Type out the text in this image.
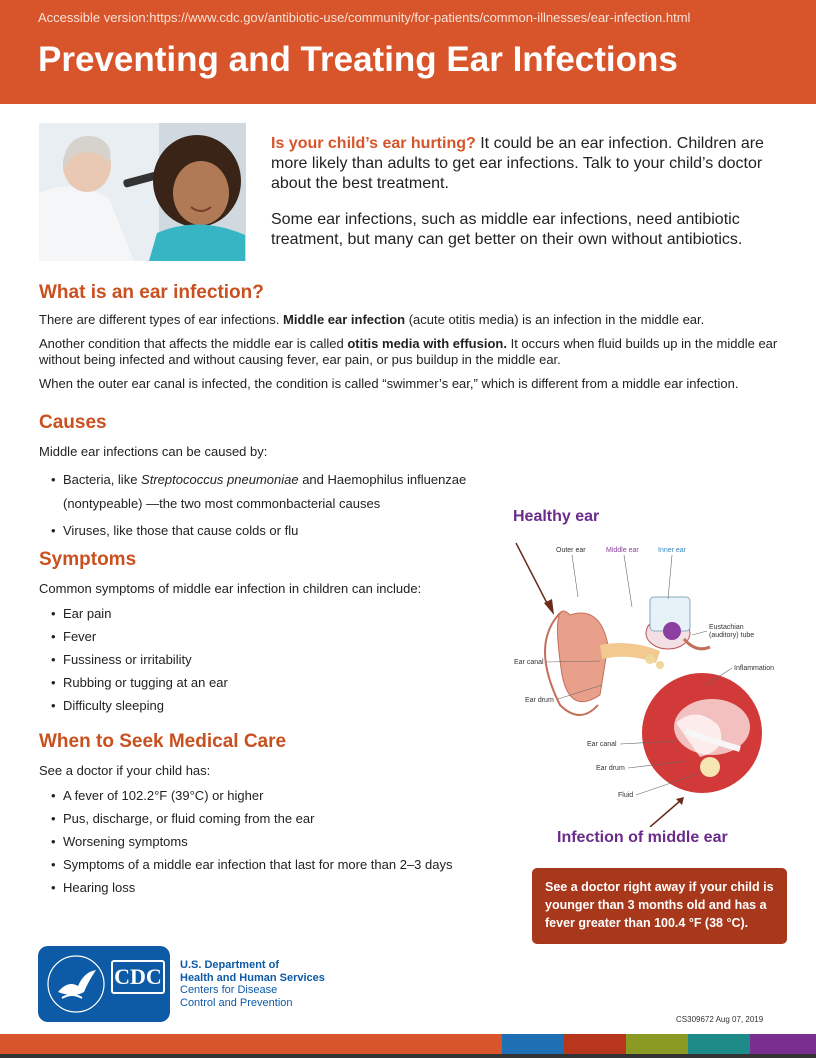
Accessible version:https://www.cdc.gov/antibiotic-use/community/for-patients/common-illnesses/ear-infection.html
Preventing and Treating Ear Infections

Is your child’s ear hurting? It could be an ear infection. Children are more likely than adults to get ear infections. Talk to your child’s doctor about the best treatment.

Some ear infections, such as middle ear infections, need antibiotic treatment, but many can get better on their own without antibiotics.

What is an ear infection?

There are different types of ear infections. Middle ear infection (acute otitis media) is an infection in the middle ear.

Another condition that affects the middle ear is called otitis media with effusion. It occurs when fluid builds up in the middle ear without being infected and without causing fever, ear pain, or pus buildup in the middle ear.

When the outer ear canal is infected, the condition is called “swimmer’s ear,” which is different from a middle ear infection.

Causes
Middle ear infections can be caused by:
• Bacteria, like Streptococcus pneumoniae and Haemophilus influenzae (nontypeable) —the two most commonbacterial causes
• Viruses, like those that cause colds or flu
Symptoms
Common symptoms of middle ear infection in children can include:
• Ear pain
• Fever
• Fussiness or irritability
• Rubbing or tugging at an ear
• Difficulty sleeping
When to Seek Medical Care
See a doctor if your child has:
• A fever of 102.2°F (39°C) or higher
• Pus, discharge, or fluid coming from the ear
• Worsening symptoms
• Symptoms of a middle ear infection that last for more than 2–3 days
• Hearing loss
Healthy ear
Infection of middle ear
Outer ear	Middle ear	Inner ear
Eustachian
(auditory) tube
Ear canal
Ear drum
Inflammation
Ear canal
Ear drum
Fluid
See a doctor right away if your child is younger than 3 months old and has a fever greater than 100.4 °F (38 °C).
CDC U.S. Department of
Health and Human Services
Centers for Disease
Control and Prevention
CS309672 Aug 07, 2019
